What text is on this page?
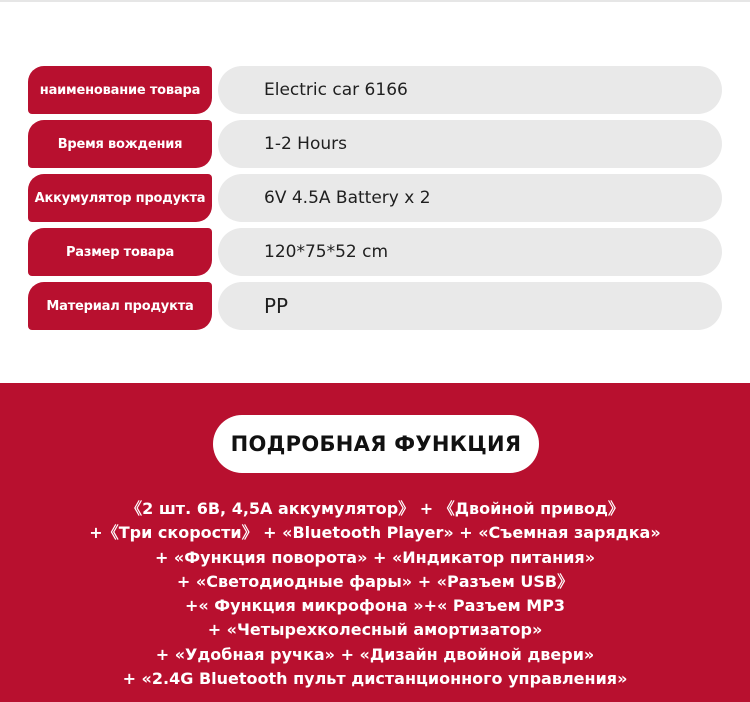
наименование товара	Electric car 6166
Время вождения	1-2 Hours
Аккумулятор продукта	6V 4.5A Battery x 2
Размер товара	120*75*52 cm
Материал продукта	PP
ПОДРОБНАЯ ФУНКЦИЯ
《2 шт. 6В, 4,5А аккумулятор》 + 《Двойной привод》
+《Три скорости》 + «Bluetooth Player» + «Съемная зарядка»
+ «Функция поворота» + «Индикатор питания»
+ «Светодиодные фары» + «Разъем USB》
+« Функция микрофона »+« Разъем MP3
+ «Четырехколесный амортизатор»
+ «Удобная ручка» + «Дизайн двойной двери»
+ «2.4G Bluetooth пульт дистанционного управления»
